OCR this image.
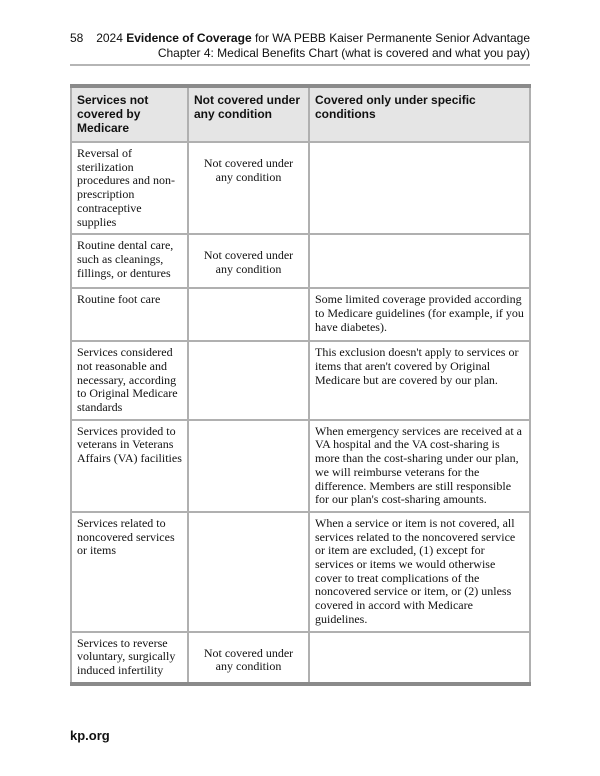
58 2024 Evidence of Coverage for WA PEBB Kaiser Permanente Senior Advantage
Chapter 4: Medical Benefits Chart (what is covered and what you pay)
Services not covered by Medicare	Not covered under any condition	Covered only under specific conditions
Reversal of sterilization procedures and non-prescription contraceptive supplies	Not covered under any condition	
Routine dental care, such as cleanings, fillings, or dentures	Not covered under any condition	
Routine foot care		Some limited coverage provided according to Medicare guidelines (for example, if you have diabetes).
Services considered not reasonable and necessary, according to Original Medicare standards		This exclusion doesn't apply to services or items that aren't covered by Original Medicare but are covered by our plan.
Services provided to veterans in Veterans Affairs (VA) facilities		When emergency services are received at a VA hospital and the VA cost-sharing is more than the cost-sharing under our plan, we will reimburse veterans for the difference. Members are still responsible for our plan's cost-sharing amounts.
Services related to noncovered services or items		When a service or item is not covered, all services related to the noncovered service or item are excluded, (1) except for services or items we would otherwise cover to treat complications of the noncovered service or item, or (2) unless covered in accord with Medicare guidelines.
Services to reverse voluntary, surgically induced infertility	Not covered under any condition	
kp.org
